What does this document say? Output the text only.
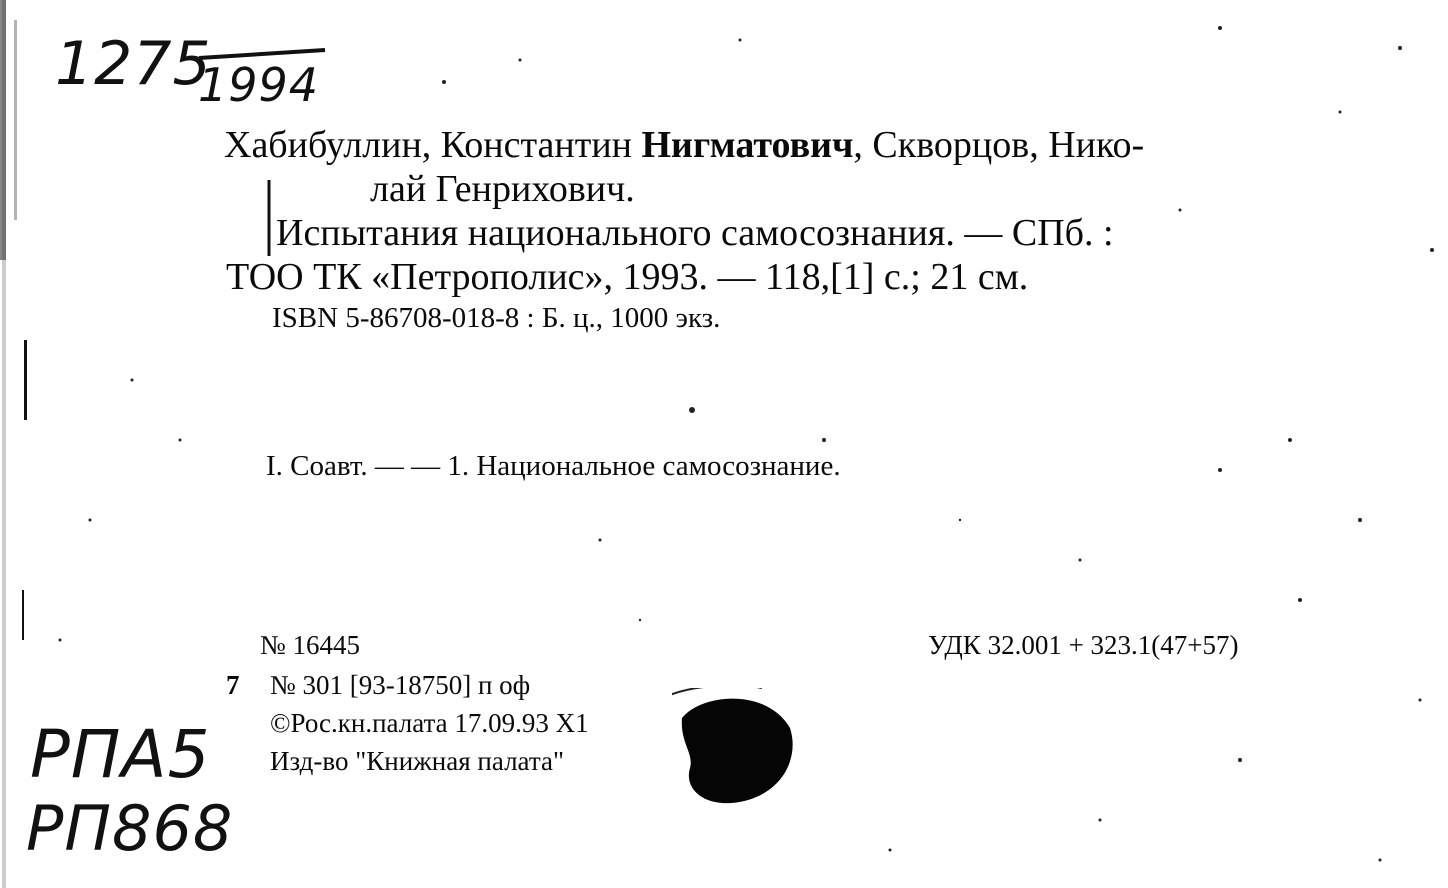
1275
1994
Хабибуллин, Константин Нигматович, Скворцов, Нико-
лай Генрихович.
Испытания национального самосознания. — СПб. :
ТОО ТК «Петрополис», 1993. — 118,[1] с.; 21 см.
ISBN 5-86708-018-8 : Б. ц., 1000 экз.
I. Соавт. — — 1. Национальное самосознание.
№ 16445	УДК 32.001 + 323.1(47+57)
7 № 301 [93-18750] п оф
©Рос.кн.палата 17.09.93 Х1
Изд-во "Книжная палата"
РПА5
РП868
